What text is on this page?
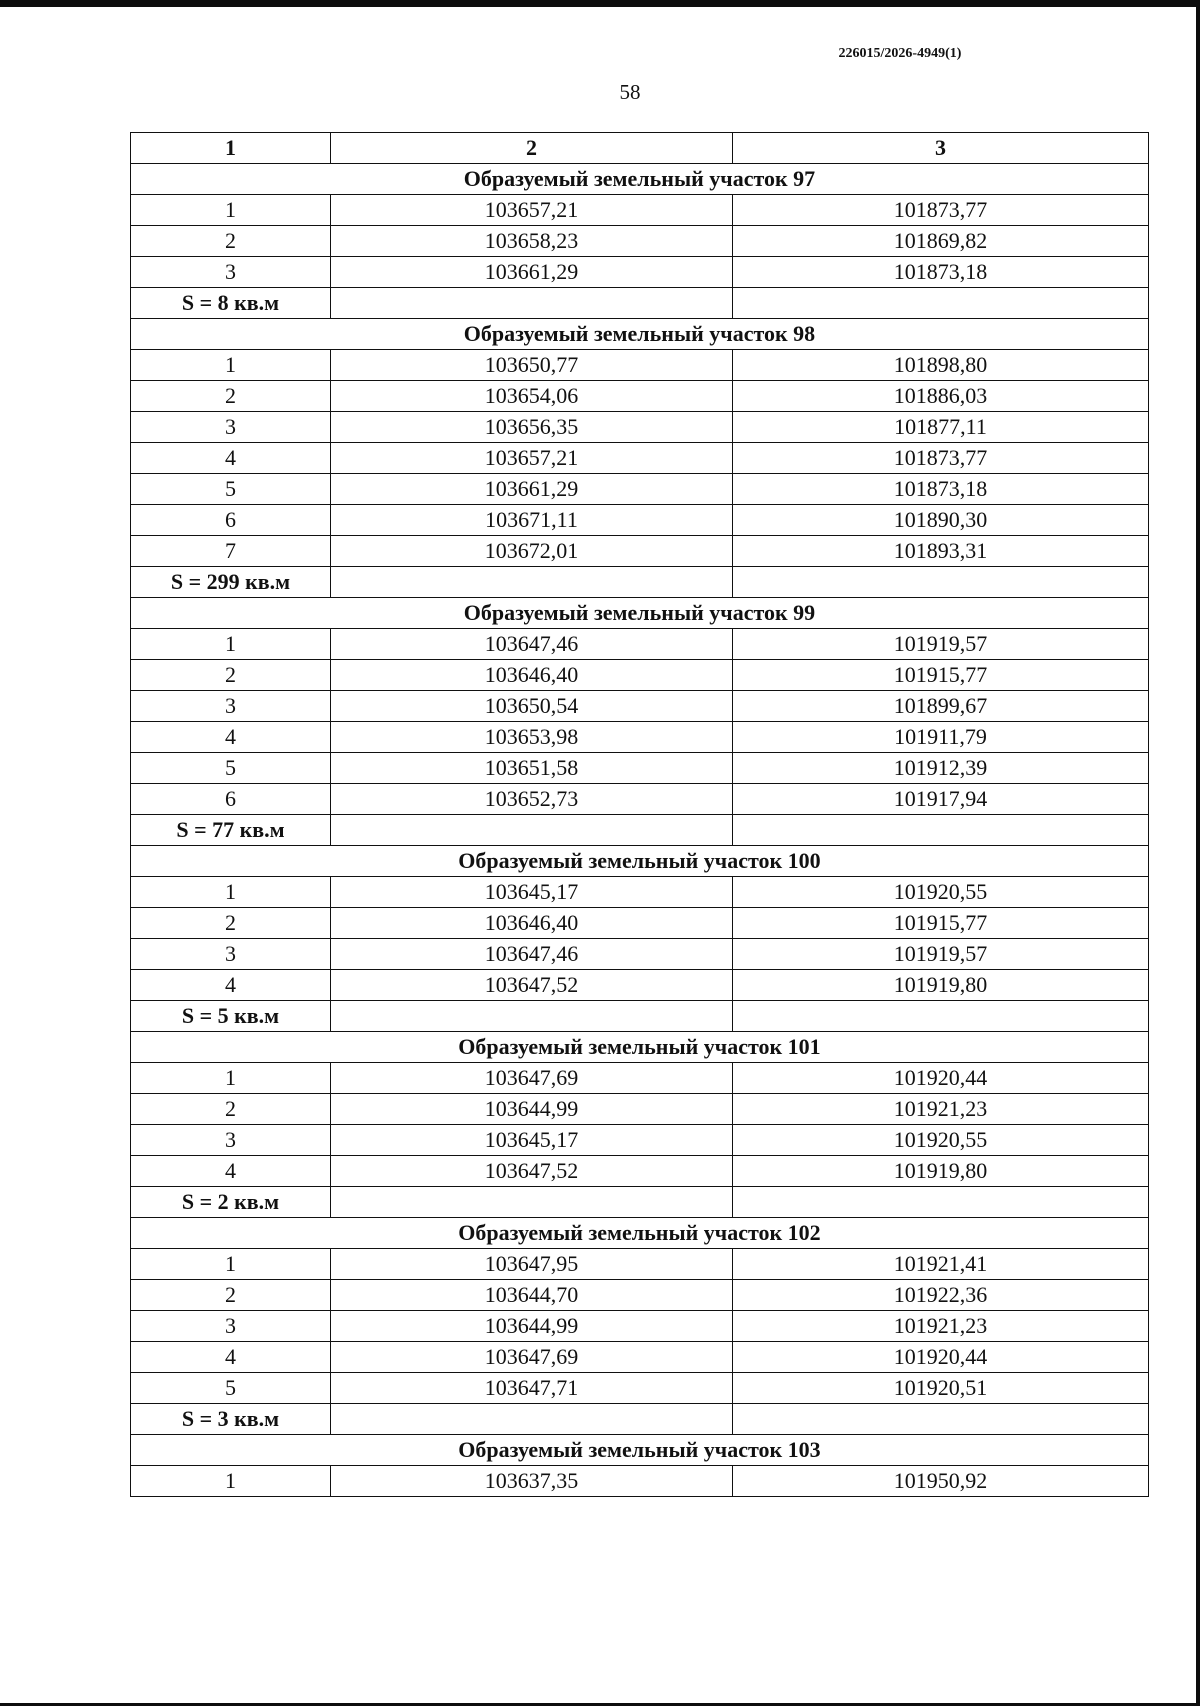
226015/2026-4949(1)
58
1	2	3
Образуемый земельный участок 97		
1	103657,21	101873,77
2	103658,23	101869,82
3	103661,29	101873,18
S = 8 кв.м		
Образуемый земельный участок 98		
1	103650,77	101898,80
2	103654,06	101886,03
3	103656,35	101877,11
4	103657,21	101873,77
5	103661,29	101873,18
6	103671,11	101890,30
7	103672,01	101893,31
S = 299 кв.м		
Образуемый земельный участок 99		
1	103647,46	101919,57
2	103646,40	101915,77
3	103650,54	101899,67
4	103653,98	101911,79
5	103651,58	101912,39
6	103652,73	101917,94
S = 77 кв.м		
Образуемый земельный участок 100		
1	103645,17	101920,55
2	103646,40	101915,77
3	103647,46	101919,57
4	103647,52	101919,80
S = 5 кв.м		
Образуемый земельный участок 101		
1	103647,69	101920,44
2	103644,99	101921,23
3	103645,17	101920,55
4	103647,52	101919,80
S = 2 кв.м		
Образуемый земельный участок 102		
1	103647,95	101921,41
2	103644,70	101922,36
3	103644,99	101921,23
4	103647,69	101920,44
5	103647,71	101920,51
S = 3 кв.м		
Образуемый земельный участок 103		
1	103637,35	101950,92
